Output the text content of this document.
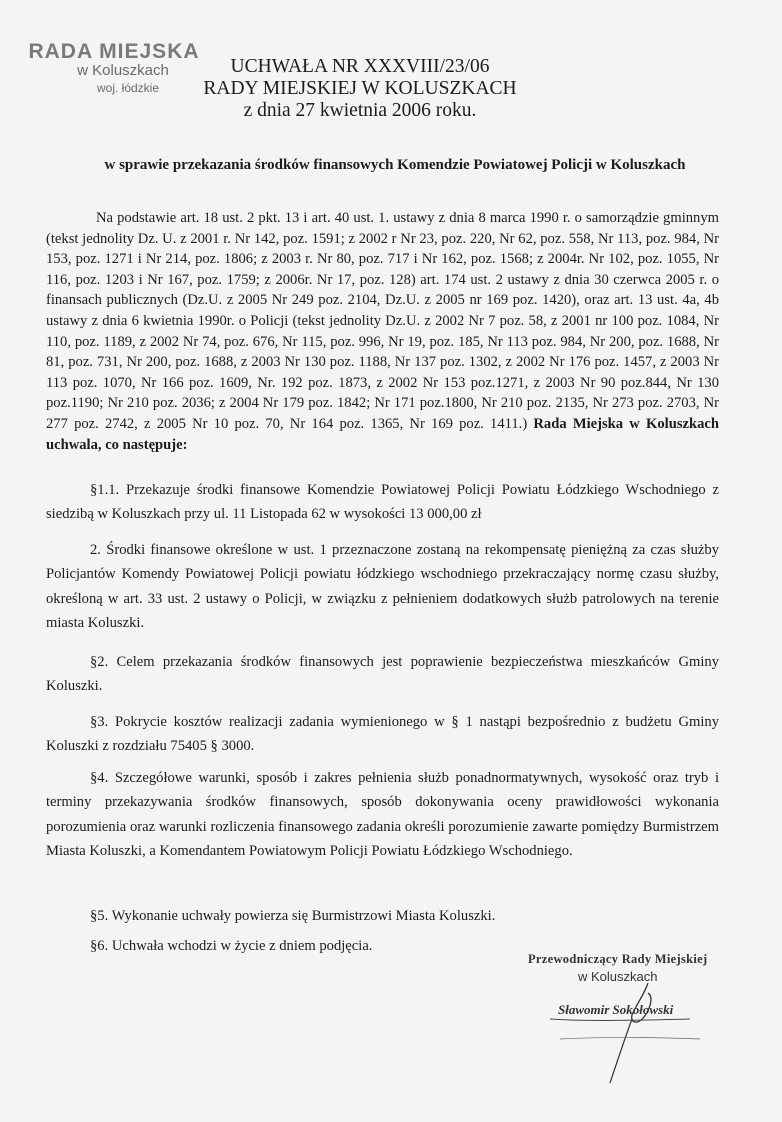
RADA MIEJSKA
w Koluszkach
woj. łódzkie
UCHWAŁA NR XXXVIII/23/06
RADY MIEJSKIEJ W KOLUSZKACH
z dnia 27 kwietnia 2006 roku.
w sprawie przekazania środków finansowych Komendzie Powiatowej Policji w Koluszkach
Na podstawie art. 18 ust. 2 pkt. 13 i art. 40 ust. 1. ustawy z dnia 8 marca 1990 r. o samorządzie gminnym (tekst jednolity Dz. U. z 2001 r. Nr 142, poz. 1591; z 2002 r Nr 23, poz. 220, Nr 62, poz. 558, Nr 113, poz. 984, Nr 153, poz. 1271 i Nr 214, poz. 1806; z 2003 r. Nr 80, poz. 717 i Nr 162, poz. 1568; z 2004r. Nr 102, poz. 1055, Nr 116, poz. 1203 i Nr 167, poz. 1759; z 2006r. Nr 17, poz. 128) art. 174 ust. 2 ustawy z dnia 30 czerwca 2005 r. o finansach publicznych (Dz.U. z 2005 Nr 249 poz. 2104, Dz.U. z 2005 nr 169 poz. 1420), oraz art. 13 ust. 4a, 4b ustawy z dnia 6 kwietnia 1990r. o Policji (tekst jednolity Dz.U. z 2002 Nr 7 poz. 58, z 2001 nr 100 poz. 1084, Nr 110, poz. 1189, z 2002 Nr 74, poz. 676, Nr 115, poz. 996, Nr 19, poz. 185, Nr 113 poz. 984, Nr 200, poz. 1688, Nr 81, poz. 731, Nr 200, poz. 1688, z 2003 Nr 130 poz. 1188, Nr 137 poz. 1302, z 2002 Nr 176 poz. 1457, z 2003 Nr 113 poz. 1070, Nr 166 poz. 1609, Nr. 192 poz. 1873, z 2002 Nr 153 poz.1271, z 2003 Nr 90 poz.844, Nr 130 poz.1190; Nr 210 poz. 2036; z 2004 Nr 179 poz. 1842; Nr 171 poz.1800, Nr 210 poz. 2135, Nr 273 poz. 2703, Nr 277 poz. 2742, z 2005 Nr 10 poz. 70, Nr 164 poz. 1365, Nr 169 poz. 1411.) Rada Miejska w Koluszkach uchwala, co następuje:
§1.1. Przekazuje środki finansowe Komendzie Powiatowej Policji Powiatu Łódzkiego Wschodniego z siedzibą w Koluszkach przy ul. 11 Listopada 62 w wysokości 13 000,00 zł
2. Środki finansowe określone w ust. 1 przeznaczone zostaną na rekompensatę pieniężną za czas służby Policjantów Komendy Powiatowej Policji powiatu łódzkiego wschodniego przekraczający normę czasu służby, określoną w art. 33 ust. 2 ustawy o Policji, w związku z pełnieniem dodatkowych służb patrolowych na terenie miasta Koluszki.
§2. Celem przekazania środków finansowych jest poprawienie bezpieczeństwa mieszkańców Gminy Koluszki.
§3. Pokrycie kosztów realizacji zadania wymienionego w § 1 nastąpi bezpośrednio z budżetu Gminy Koluszki z rozdziału 75405 § 3000.
§4. Szczegółowe warunki, sposób i zakres pełnienia służb ponadnormatywnych, wysokość oraz tryb i terminy przekazywania środków finansowych, sposób dokonywania oceny prawidłowości wykonania porozumienia oraz warunki rozliczenia finansowego zadania określi porozumienie zawarte pomiędzy Burmistrzem Miasta Koluszki, a Komendantem Powiatowym Policji Powiatu Łódzkiego Wschodniego.
§5. Wykonanie uchwały powierza się Burmistrzowi Miasta Koluszki.
§6. Uchwała wchodzi w życie z dniem podjęcia.
Przewodniczący Rady Miejskiej
w Koluszkach
Sławomir Sokołowski
